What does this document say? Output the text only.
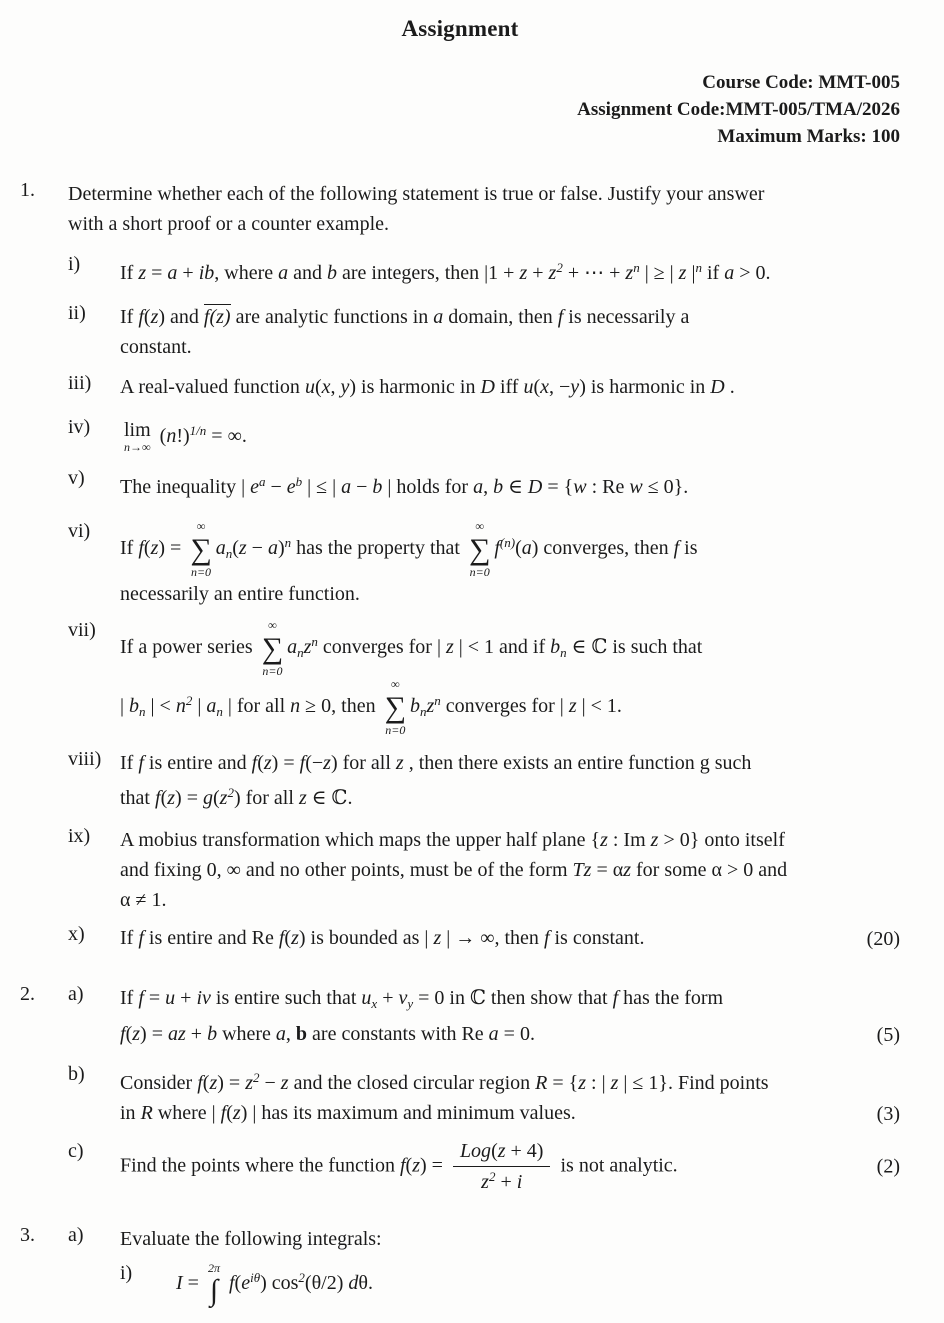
Assignment
Course Code: MMT-005
Assignment Code:MMT-005/TMA/2026
Maximum Marks: 100
1.	Determine whether each of the following statement is true or false. Justify your answer
with a short proof or a counter example.
i)	If z = a + ib, where a and b are integers, then $|1 + z + z^2$ + ⋯ + $z^n$ | ≥ | z $|^n$ if a > 0.
ii)	If f(z) and f(z) are analytic functions in a domain, then f is necessarily a
constant.
iii)	A real-valued function u(x, y) is harmonic in D iff u(x, −y) is harmonic in D .
iv)	lim
n→∞
$(n!)^{1/n}$ = ∞.
v)	The inequality | $e^a - e^b$ | ≤ | a − b | holds for a, b ∈ D = {w : Re w ≤ 0}.
vi)
If f(z) =
∞
∑
n=0
$a_n(z - a)^n$ has the property that
∞
∑
n=0
$f^{(n)}(a)$ converges, then f is
necessarily an entire function.
vii)
If a power series
∞
∑
n=0
$a_nz^n$ converges for | z | < 1 and if $b_n$ ∈ ℂ is such that
| $b_n$ | < $n^2$ | $a_n$ | for all n ≥ 0, then
∞
∑
n=0
$b_nz^n$ converges for | z | < 1.
viii) If f is entire and f(z) = f(−z) for all z , then there exists an entire function g such
that $f(z) = g(z^2)$ for all z ∈ ℂ.
ix)	A mobius transformation which maps the upper half plane {z : Im z > 0} onto itself
and fixing 0, ∞ and no other points, must be of the form Tz = αz for some α > 0 and
α ≠ 1.
x)	If f is entire and Re f(z) is bounded as | z | → ∞, then f is constant.	(20)
2.	a)	If f = u + iv is entire such that $u_x + v_y = 0$ in ℂ then show that f has the form
f(z) = az + b where a, b are constants with Re a = 0.	(5)
b)	Consider $f(z) = z^2 - z$ and the closed circular region R = {z : | z | ≤ 1}. Find points
in R where | f(z) | has its maximum and minimum values.	(3)
c)
Find the points where the function f(z) =
Log(z + 4)
$z^2 + i$
is not analytic.	(2)
3.	a)	Evaluate the following integrals:
i)	I =
2π
∫ $f(e^{i\theta})$ $\cos^2(\theta/2)$ dθ.
